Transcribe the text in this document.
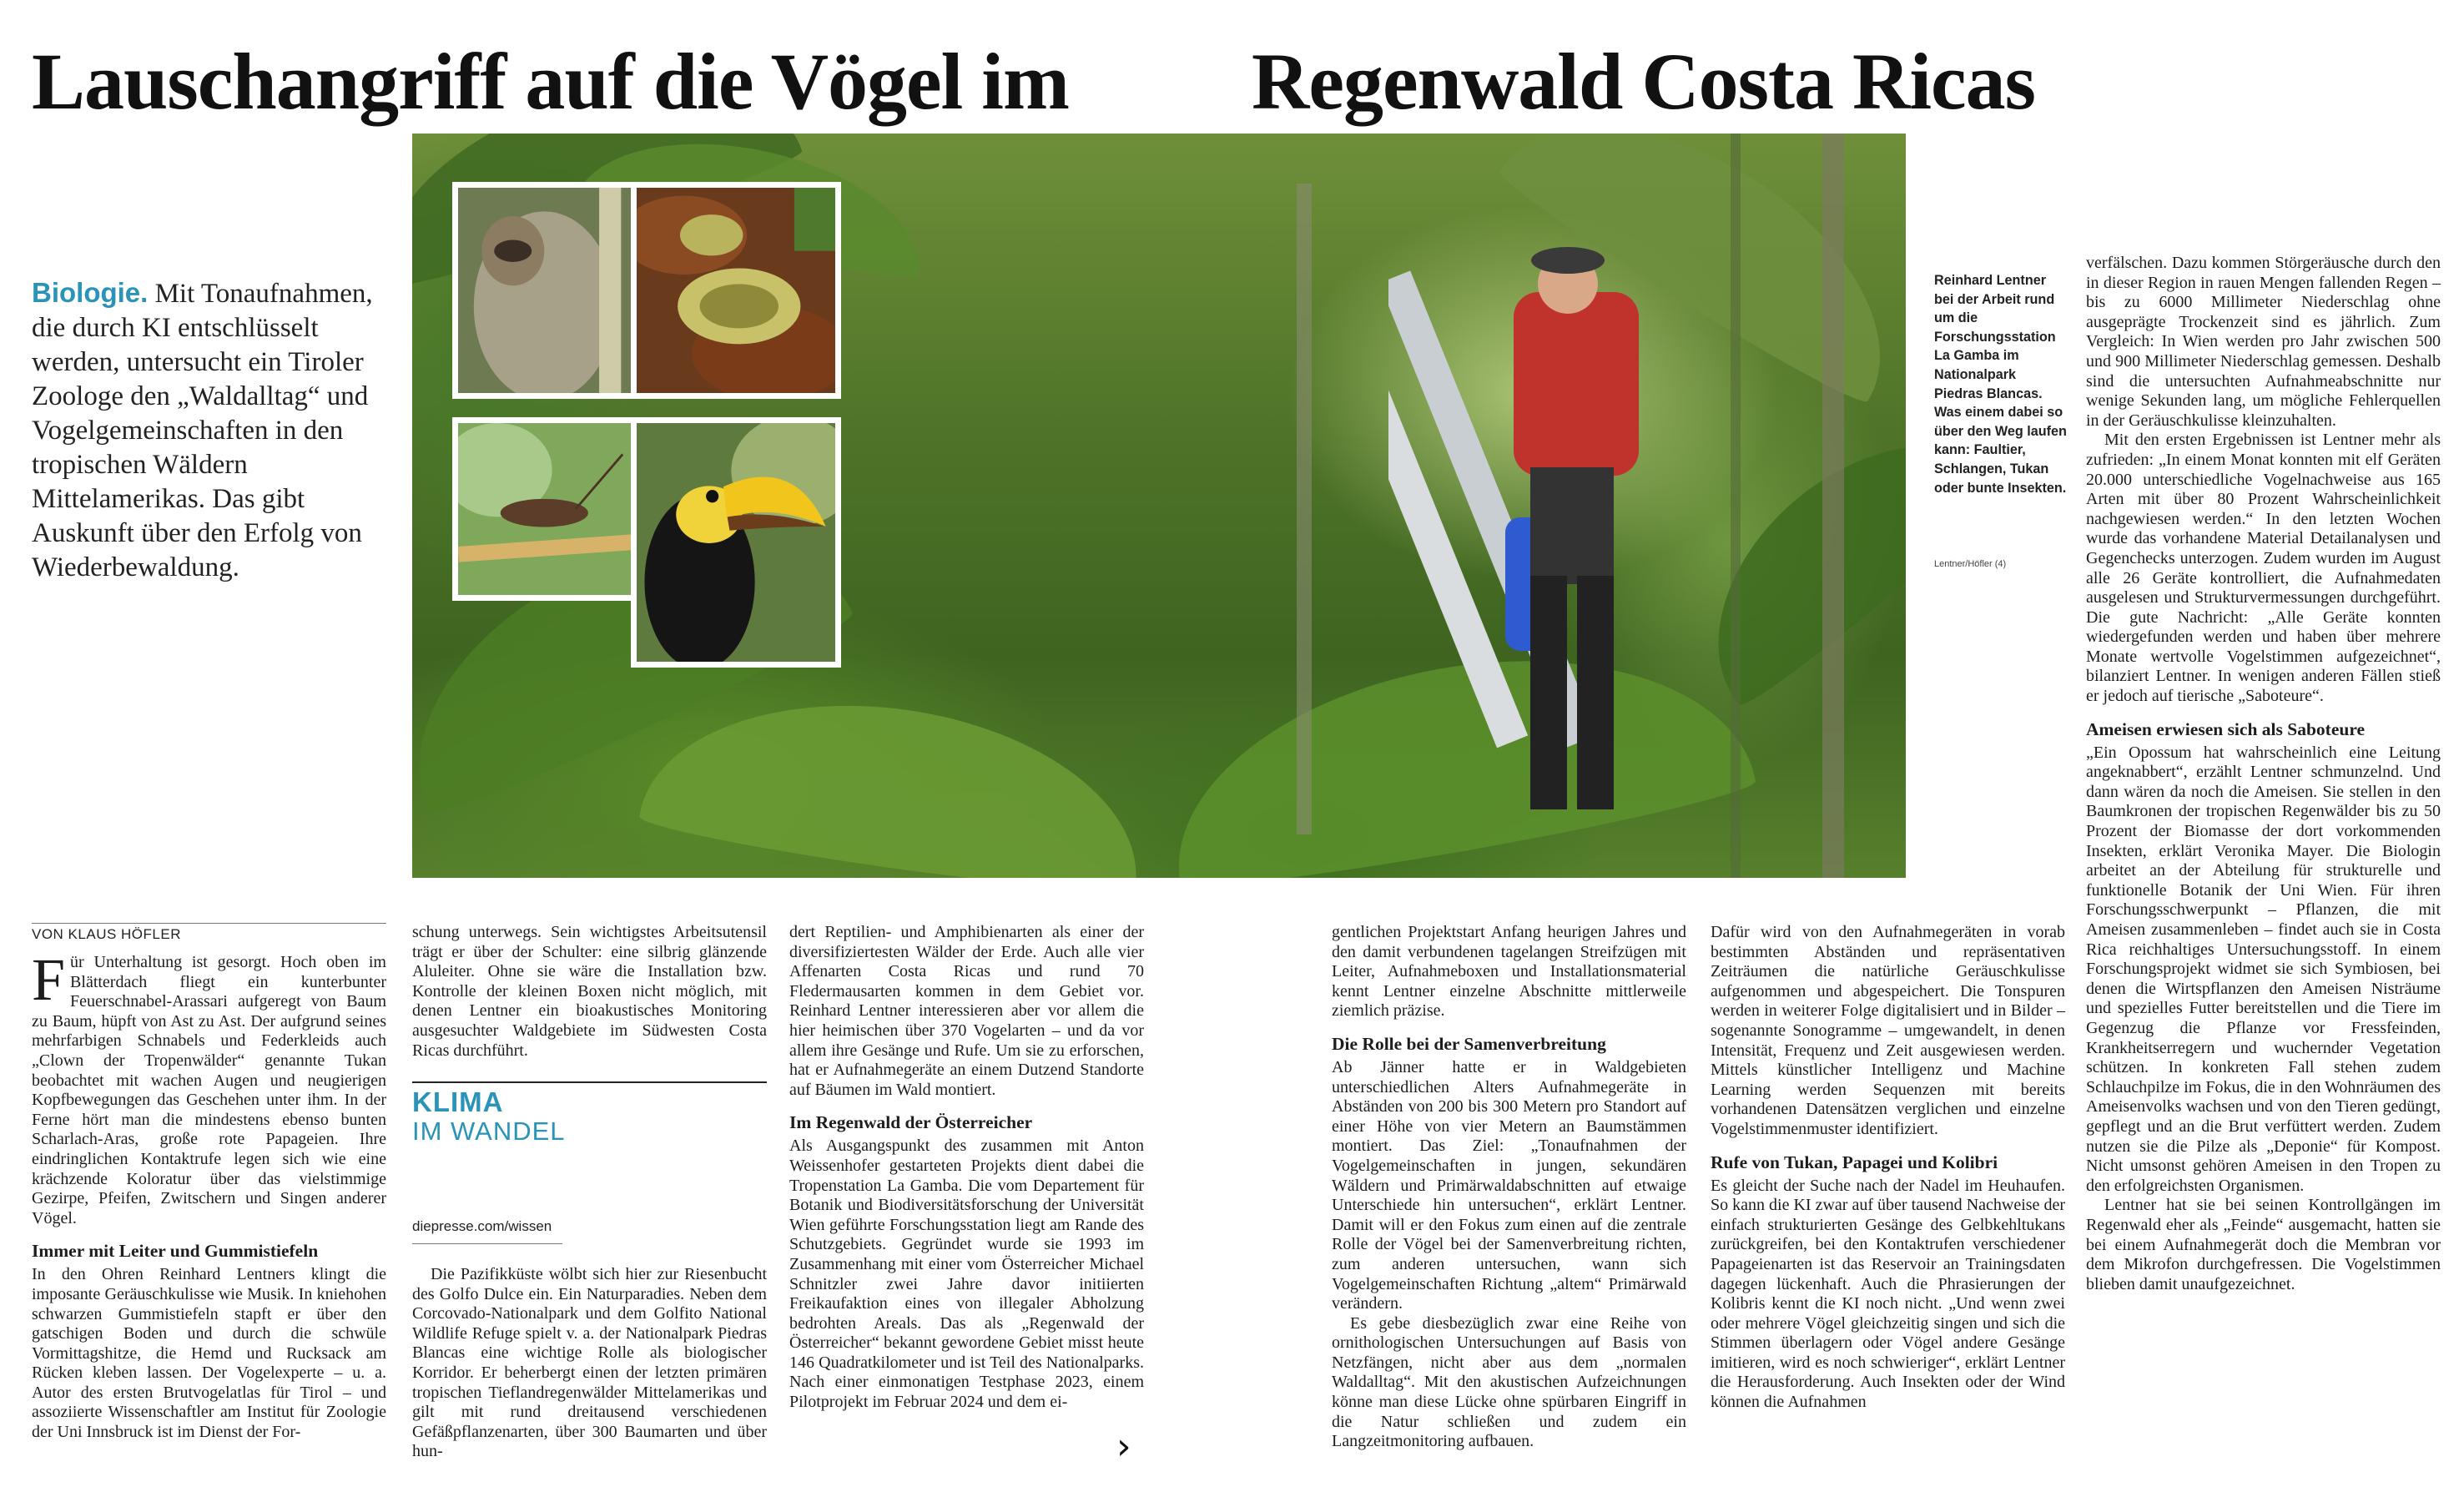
Lauschangriff auf die Vögel im Regenwald Costa Ricas
Biologie. Mit Tonaufnahmen, die durch KI entschlüsselt werden, untersucht ein Tiroler Zoologe den „Waldalltag“ und Vogelgemeinschaften in den tropischen Wäldern Mittelamerikas. Das gibt Auskunft über den Erfolg von Wiederbewaldung.
Reinhard Lentner bei der Arbeit rund um die Forschungsstation La Gamba im Nationalpark Piedras Blancas. Was einem dabei so über den Weg laufen kann: Faultier, Schlangen, Tukan oder bunte Insekten.
Lentner/Höfler (4)
VON KLAUS HÖFLER

Für Unterhaltung ist gesorgt. Hoch oben im Blätterdach fliegt ein kunterbunter Feuerschnabel-Arassari aufgeregt von Baum zu Baum, hüpft von Ast zu Ast. Der aufgrund seines mehrfarbigen Schnabels und Federkleids auch „Clown der Tropenwälder“ genannte Tukan beobachtet mit wachen Augen und neugierigen Kopfbewegungen das Geschehen unter ihm. In der Ferne hört man die mindestens ebenso bunten Scharlach-Aras, große rote Papageien. Ihre eindringlichen Kontaktrufe legen sich wie eine krächzende Koloratur über das vielstimmige Gezirpe, Pfeifen, Zwitschern und Singen anderer Vögel.

Immer mit Leiter und Gummistiefeln

In den Ohren Reinhard Lentners klingt die imposante Geräuschkulisse wie Musik. In kniehohen schwarzen Gummistiefeln stapft er über den gatschigen Boden und durch die schwüle Vormittagshitze, die Hemd und Rucksack am Rücken kleben lassen. Der Vogelexperte – u. a. Autor des ersten Brutvogelatlas für Tirol – und assoziierte Wissenschaftler am Institut für Zoologie der Uni Innsbruck ist im Dienst der For-

schung unterwegs. Sein wichtigstes Arbeitsutensil trägt er über der Schulter: eine silbrig glänzende Aluleiter. Ohne sie wäre die Installation bzw. Kontrolle der kleinen Boxen nicht möglich, mit denen Lentner ein bioakustisches Monitoring ausgesuchter Waldgebiete im Südwesten Costa Ricas durchführt.

KLIMA
IM WANDEL
diepresse.com/wissen

Die Pazifikküste wölbt sich hier zur Riesenbucht des Golfo Dulce ein. Ein Naturparadies. Neben dem Corcovado-Nationalpark und dem Golfito National Wildlife Refuge spielt v. a. der Nationalpark Piedras Blancas eine wichtige Rolle als biologischer Korridor. Er beherbergt einen der letzten primären tropischen Tieflandregenwälder Mittelamerikas und gilt mit rund dreitausend verschiedenen Gefäßpflanzenarten, über 300 Baumarten und über hun-

dert Reptilien- und Amphibienarten als einer der diversifiziertesten Wälder der Erde. Auch alle vier Affenarten Costa Ricas und rund 70 Fledermausarten kommen in dem Gebiet vor. Reinhard Lentner interessieren aber vor allem die hier heimischen über 370 Vogelarten – und da vor allem ihre Gesänge und Rufe. Um sie zu erforschen, hat er Aufnahmegeräte an einem Dutzend Standorte auf Bäumen im Wald montiert.

Im Regenwald der Österreicher

Als Ausgangspunkt des zusammen mit Anton Weissenhofer gestarteten Projekts dient dabei die Tropenstation La Gamba. Die vom Departement für Botanik und Biodiversitätsforschung der Universität Wien geführte Forschungsstation liegt am Rande des Schutzgebiets. Gegründet wurde sie 1993 im Zusammenhang mit einer vom Österreicher Michael Schnitzler zwei Jahre davor initiierten Freikaufaktion eines von illegaler Abholzung bedrohten Areals. Das als „Regenwald der Österreicher“ bekannt gewordene Gebiet misst heute 146 Quadratkilometer und ist Teil des Nationalparks. Nach einer einmonatigen Testphase 2023, einem Pilotprojekt im Februar 2024 und dem ei-

›

gentlichen Projektstart Anfang heurigen Jahres und den damit verbundenen tagelangen Streifzügen mit Leiter, Aufnahmeboxen und Installationsmaterial kennt Lentner einzelne Abschnitte mittlerweile ziemlich präzise.

Die Rolle bei der Samenverbreitung

Ab Jänner hatte er in Waldgebieten unterschiedlichen Alters Aufnahmegeräte in Abständen von 200 bis 300 Metern pro Standort auf einer Höhe von vier Metern an Baumstämmen montiert. Das Ziel: „Tonaufnahmen der Vogelgemeinschaften in jungen, sekundären Wäldern und Primärwaldabschnitten auf etwaige Unterschiede hin untersuchen“, erklärt Lentner. Damit will er den Fokus zum einen auf die zentrale Rolle der Vögel bei der Samenverbreitung richten, zum anderen untersuchen, wann sich Vogelgemeinschaften Richtung „altem“ Primärwald verändern.

Es gebe diesbezüglich zwar eine Reihe von ornithologischen Untersuchungen auf Basis von Netzfängen, nicht aber aus dem „normalen Waldalltag“. Mit den akustischen Aufzeichnungen könne man diese Lücke ohne spürbaren Eingriff in die Natur schließen und zudem ein Langzeitmonitoring aufbauen.

Dafür wird von den Aufnahmegeräten in vorab bestimmten Abständen und repräsentativen Zeiträumen die natürliche Geräuschkulisse aufgenommen und abgespeichert. Die Tonspuren werden in weiterer Folge digitalisiert und in Bilder – sogenannte Sonogramme – umgewandelt, in denen Intensität, Frequenz und Zeit ausgewiesen werden. Mittels künstlicher Intelligenz und Machine Learning werden Sequenzen mit bereits vorhandenen Datensätzen verglichen und einzelne Vogelstimmenmuster identifiziert.

Rufe von Tukan, Papagei und Kolibri

Es gleicht der Suche nach der Nadel im Heuhaufen. So kann die KI zwar auf über tausend Nachweise der einfach strukturierten Gesänge des Gelbkehltukans zurückgreifen, bei den Kontaktrufen verschiedener Papageienarten ist das Reservoir an Trainingsdaten dagegen lückenhaft. Auch die Phrasierungen der Kolibris kennt die KI noch nicht. „Und wenn zwei oder mehrere Vögel gleichzeitig singen und sich die Stimmen überlagern oder Vögel andere Gesänge imitieren, wird es noch schwieriger“, erklärt Lentner die Herausforderung. Auch Insekten oder der Wind können die Aufnahmen

verfälschen. Dazu kommen Störgeräusche durch den in dieser Region in rauen Mengen fallenden Regen – bis zu 6000 Millimeter Niederschlag ohne ausgeprägte Trockenzeit sind es jährlich. Zum Vergleich: In Wien werden pro Jahr zwischen 500 und 900 Millimeter Niederschlag gemessen. Deshalb sind die untersuchten Aufnahmeabschnitte nur wenige Sekunden lang, um mögliche Fehlerquellen in der Geräuschkulisse kleinzuhalten.

Mit den ersten Ergebnissen ist Lentner mehr als zufrieden: „In einem Monat konnten mit elf Geräten 20.000 unterschiedliche Vogelnachweise aus 165 Arten mit über 80 Prozent Wahrscheinlichkeit nachgewiesen werden.“ In den letzten Wochen wurde das vorhandene Material Detailanalysen und Gegenchecks unterzogen. Zudem wurden im August alle 26 Geräte kontrolliert, die Aufnahmedaten ausgelesen und Strukturvermessungen durchgeführt. Die gute Nachricht: „Alle Geräte konnten wiedergefunden werden und haben über mehrere Monate wertvolle Vogelstimmen aufgezeichnet“, bilanziert Lentner. In wenigen anderen Fällen stieß er jedoch auf tierische „Saboteure“.

Ameisen erwiesen sich als Saboteure

„Ein Opossum hat wahrscheinlich eine Leitung angeknabbert“, erzählt Lentner schmunzelnd. Und dann wären da noch die Ameisen. Sie stellen in den Baumkronen der tropischen Regenwälder bis zu 50 Prozent der Biomasse der dort vorkommenden Insekten, erklärt Veronika Mayer. Die Biologin arbeitet an der Abteilung für strukturelle und funktionelle Botanik der Uni Wien. Für ihren Forschungsschwerpunkt – Pflanzen, die mit Ameisen zusammenleben – findet auch sie in Costa Rica reichhaltiges Untersuchungsstoff. In einem Forschungsprojekt widmet sie sich Symbiosen, bei denen die Wirtspflanzen den Ameisen Nisträume und spezielles Futter bereitstellen und die Tiere im Gegenzug die Pflanze vor Fressfeinden, Krankheitserregern und wuchernder Vegetation schützen. In konkreten Fall stehen zudem Schlauchpilze im Fokus, die in den Wohnräumen des Ameisenvolks wachsen und von den Tieren gedüngt, gepflegt und an die Brut verfüttert werden. Zudem nutzen sie die Pilze als „Deponie“ für Kompost. Nicht umsonst gehören Ameisen in den Tropen zu den erfolgreichsten Organismen.

Lentner hat sie bei seinen Kontrollgängen im Regenwald eher als „Feinde“ ausgemacht, hatten sie bei einem Aufnahmegerät doch die Membran vor dem Mikrofon durchgefressen. Die Vogelstimmen blieben damit unaufgezeichnet.
